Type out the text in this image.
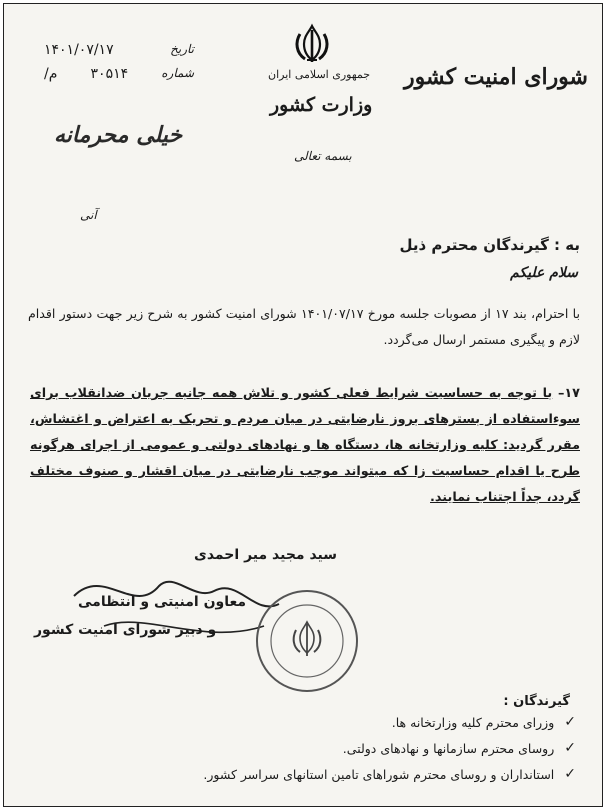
جمهوری اسلامی ایران
وزارت کشور
شورای امنیت کشور
تاریخ
۱۴۰۱/۰۷/۱۷
شماره
۳۰۵۱۴
م/
خیلی محرمانه
بسمه تعالی
آنی
به : گیرندگان محترم ذیل
سلام علیکم
با احترام، بند ۱۷ از مصوبات جلسه مورخ ۱۴۰۱/۰۷/۱۷ شورای امنیت کشور به شرح زیر جهت دستور اقدام لازم و پیگیری مستمر ارسال می‌گردد.
۱۷– با توجه به حساسیت شرایط فعلی کشور و تلاش همه جانبه جریان ضدانقلاب برای سوءاستفاده از بسترهای بروز نارضایتی در میان مردم و تحریک به اعتراض و اغتشاش، مقرر گردید: کلیه وزارتخانه ها، دستگاه ها و نهادهای دولتی و عمومی از اجرای هرگونه طرح یا اقدام حساسیت زا که میتواند موجب نارضایتی در میان اقشار و صنوف مختلف گردد، جداً اجتناب نمایند.
سید مجید میر احمدی
معاون امنیتی و انتظامی
و دبیر شورای امنیت کشور
گیرندگان :
✓
وزرای محترم کلیه وزارتخانه ها.
✓
روسای محترم سازمانها و نهادهای دولتی.
✓
استانداران و روسای محترم شوراهای تامین استانهای سراسر کشور.
